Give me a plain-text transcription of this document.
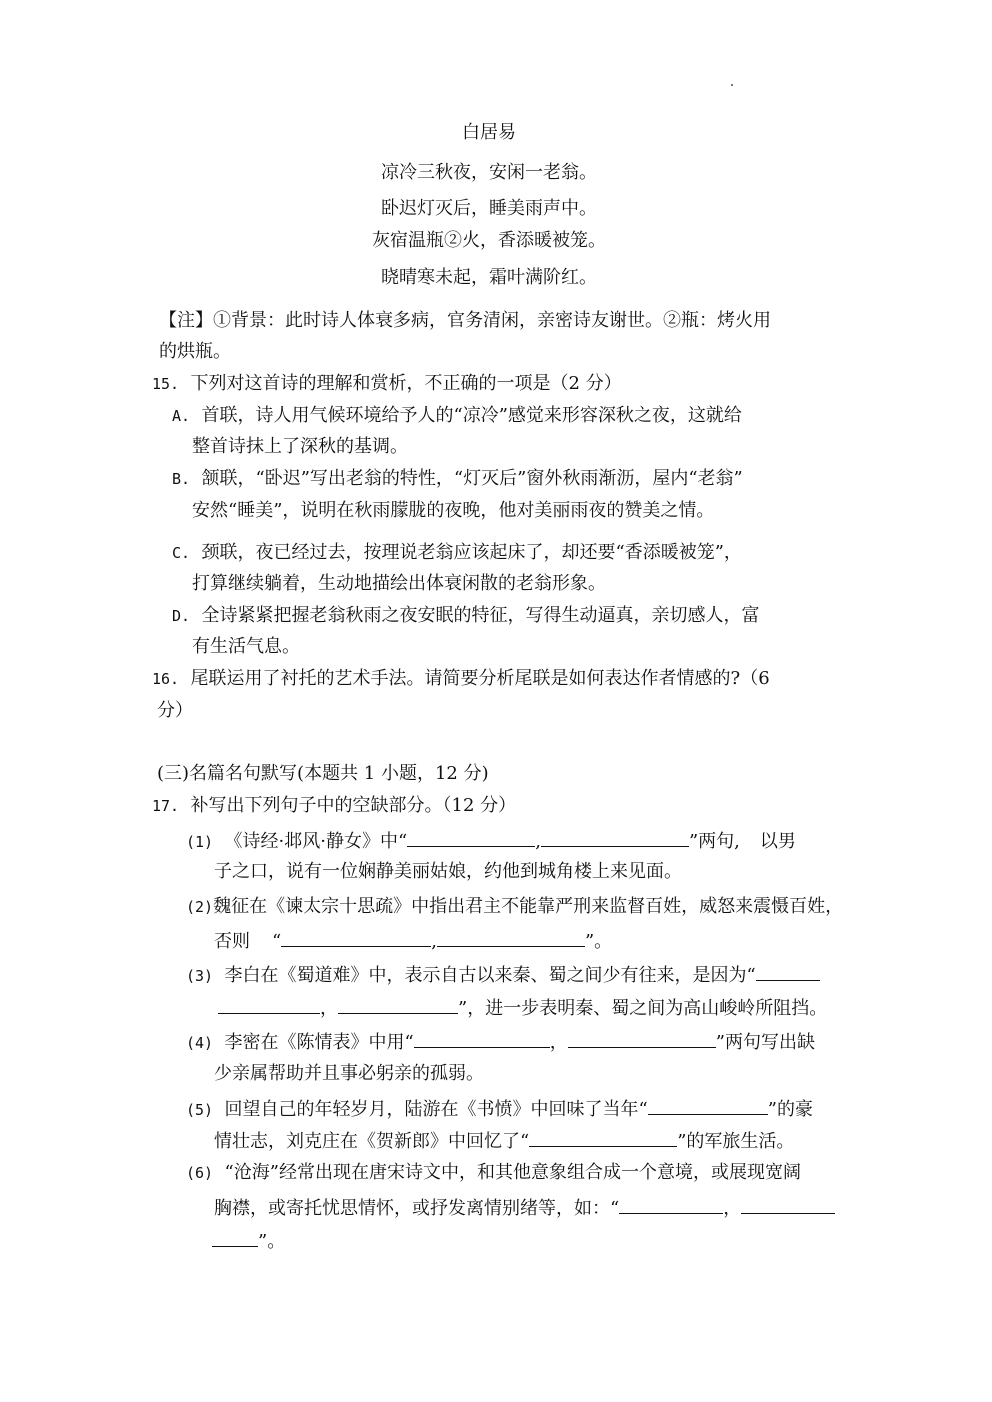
白居易
凉冷三秋夜，安闲一老翁。
卧迟灯灭后，睡美雨声中。
灰宿温瓶②火，香添暖被笼。
晓晴寒未起，霜叶满阶红。
【注】①背景：此时诗人体衰多病，官务清闲，亲密诗友谢世。②瓶：烤火用
的烘瓶。
15. 下列对这首诗的理解和赏析，不正确的一项是（2 分）
A. 首联，诗人用气候环境给予人的“凉冷”感觉来形容深秋之夜，这就给
整首诗抹上了深秋的基调。
B. 颔联，“卧迟”写出老翁的特性，“灯灭后”窗外秋雨渐沥，屋内“老翁”
安然“睡美”，说明在秋雨朦胧的夜晚，他对美丽雨夜的赞美之情。
C. 颈联，夜已经过去，按理说老翁应该起床了，却还要“香添暖被笼”，
打算继续躺着，生动地描绘出体衰闲散的老翁形象。
D. 全诗紧紧把握老翁秋雨之夜安眠的特征，写得生动逼真，亲切感人，富
有生活气息。
16. 尾联运用了衬托的艺术手法。请简要分析尾联是如何表达作者情感的?（6
分）
(三)名篇名句默写(本题共 1 小题，12 分)
17. 补写出下列句子中的空缺部分。（12 分）
(1) 《诗经·邶风·静女》中“	,	”两句, 以男
子之口，说有一位娴静美丽姑娘，约他到城角楼上来见面。
(2)魏征在《谏太宗十思疏》中指出君主不能靠严刑来监督百姓，威怒来震慑百姓，
否则 “	,	”。
(3) 李白在《蜀道难》中，表示自古以来秦、蜀之间少有往来，是因为“
，	”，进一步表明秦、蜀之间为高山峻岭所阻挡。
(4) 李密在《陈情表》中用“	，	”两句写出缺
少亲属帮助并且事必躬亲的孤弱。
(5) 回望自己的年轻岁月，陆游在《书愤》中回味了当年“	”的豪
情壮志，刘克庄在《贺新郎》中回忆了“	”的军旅生活。
(6) “沧海”经常出现在唐宋诗文中，和其他意象组合成一个意境，或展现宽阔
胸襟，或寄托忧思情怀，或抒发离情别绪等，如：“	，
”。
